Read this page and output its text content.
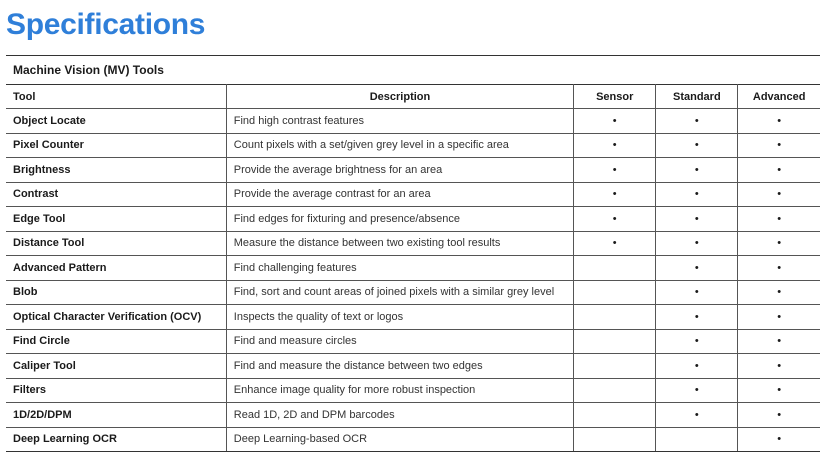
Specifications
Machine Vision (MV) Tools
Tool	Description	Sensor	Standard	Advanced
Object Locate	Find high contrast features	•	•	•
Pixel Counter	Count pixels with a set/given grey level in a specific area	•	•	•
Brightness	Provide the average brightness for an area	•	•	•
Contrast	Provide the average contrast for an area	•	•	•
Edge Tool	Find edges for fixturing and presence/absence	•	•	•
Distance Tool	Measure the distance between two existing tool results	•	•	•
Advanced Pattern	Find challenging features		•	•
Blob	Find, sort and count areas of joined pixels with a similar grey level		•	•
Optical Character Verification (OCV)	Inspects the quality of text or logos		•	•
Find Circle	Find and measure circles		•	•
Caliper Tool	Find and measure the distance between two edges		•	•
Filters	Enhance image quality for more robust inspection		•	•
1D/2D/DPM	Read 1D, 2D and DPM barcodes		•	•
Deep Learning OCR	Deep Learning-based OCR			•
